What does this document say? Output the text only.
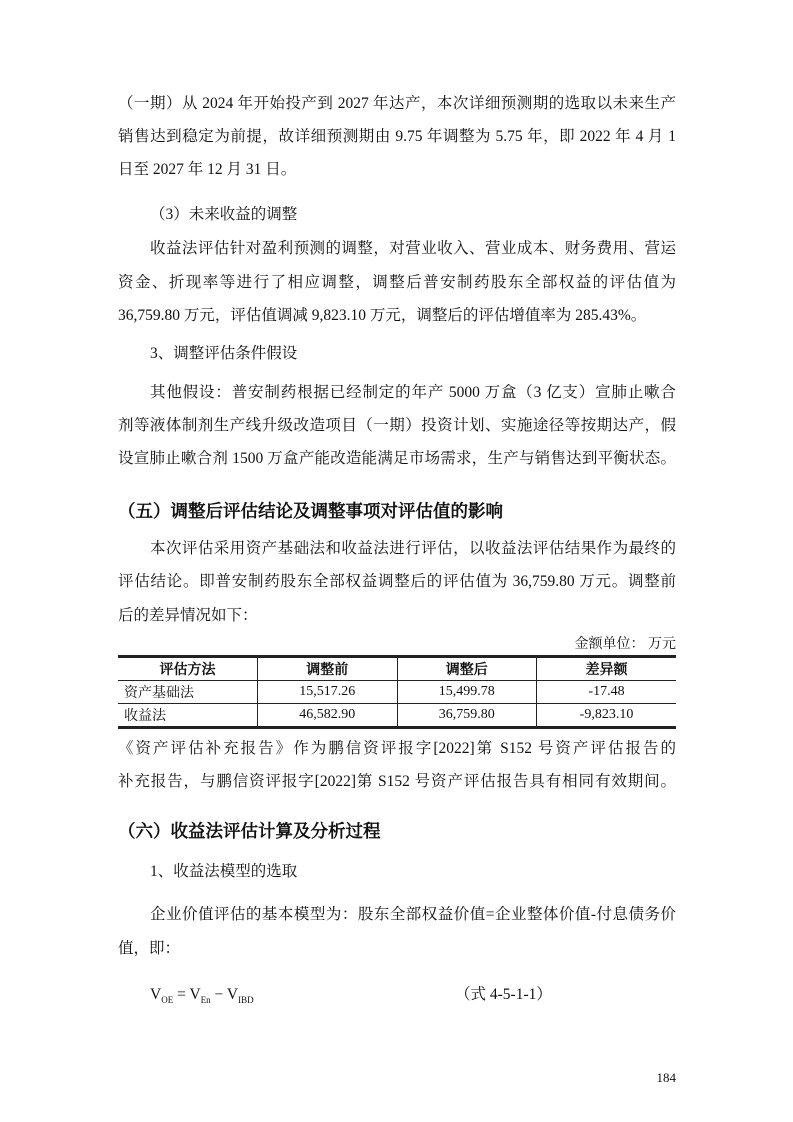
（一期）从 2024 年开始投产到 2027 年达产，本次详细预测期的选取以未来生产
销售达到稳定为前提，故详细预测期由 9.75 年调整为 5.75 年，即 2022 年 4 月 1
日至 2027 年 12 月 31 日。
（3）未来收益的调整
收益法评估针对盈利预测的调整，对营业收入、营业成本、财务费用、营运
资金、折现率等进行了相应调整，调整后普安制药股东全部权益的评估值为
36,759.80 万元，评估值调减 9,823.10 万元，调整后的评估增值率为 285.43%。
3、调整评估条件假设
其他假设：普安制药根据已经制定的年产 5000 万盒（3 亿支）宣肺止嗽合
剂等液体制剂生产线升级改造项目（一期）投资计划、实施途径等按期达产，假
设宣肺止嗽合剂 1500 万盒产能改造能满足市场需求，生产与销售达到平衡状态。
（五）调整后评估结论及调整事项对评估值的影响
本次评估采用资产基础法和收益法进行评估，以收益法评估结果作为最终的
评估结论。即普安制药股东全部权益调整后的评估值为 36,759.80 万元。调整前
后的差异情况如下：
金额单位： 万元
评估方法	调整前	调整后	差异额
资产基础法	15,517.26	15,499.78	-17.48
收益法	46,582.90	36,759.80	-9,823.10
《资产评估补充报告》作为鹏信资评报字[2022]第 S152 号资产评估报告的
补充报告，与鹏信资评报字[2022]第 S152 号资产评估报告具有相同有效期间。
（六）收益法评估计算及分析过程
1、收益法模型的选取
企业价值评估的基本模型为：股东全部权益价值=企业整体价值-付息债务价
值，即：
$V_{OE} = V_{En} - V_{IBD}$	（式 4-5-1-1）
184
